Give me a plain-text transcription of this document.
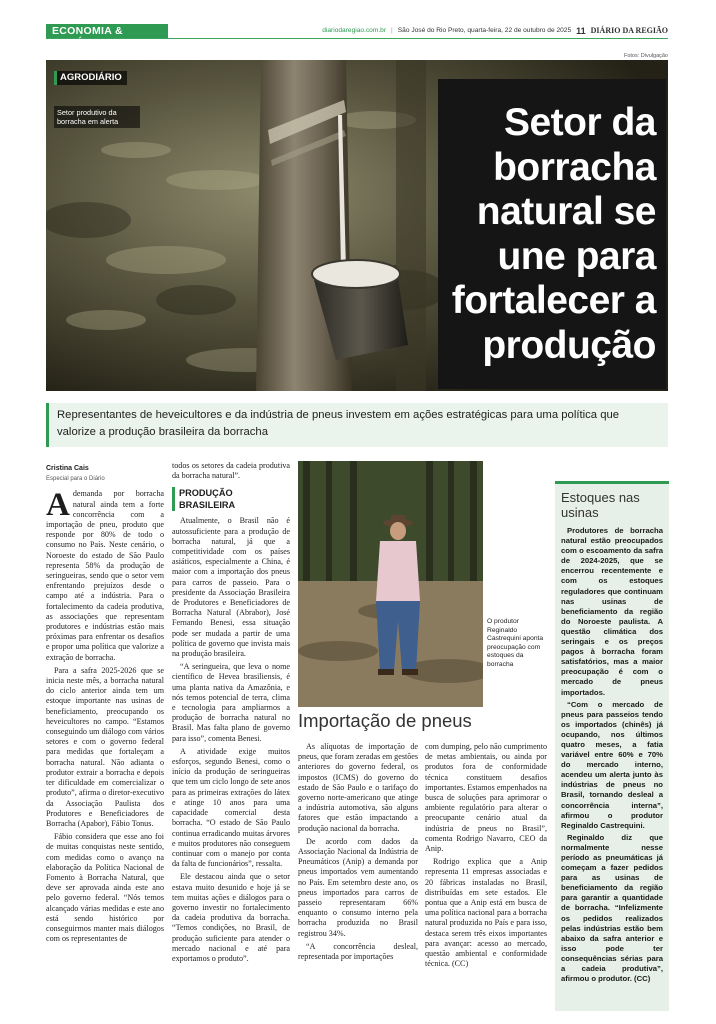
ECONOMIA & NEGÓCIOS
diariodaregiao.com.br | São José do Rio Preto, quarta-feira, 22 de outubro de 2025 11 DIÁRIO DA REGIÃO
Fotos: Divulgação
AGRODIÁRIO
Setor produtivo da borracha em alerta	Setor da borracha natural se une para fortalecer a produção
Representantes de heveicultores e da indústria de pneus investem em ações estratégicas para uma política que valorize a produção brasileira da borracha
Cristina Cais
Especial para o Diário

Ademanda por borracha natural ainda tem a forte concorrência com a importação de pneu, produto que responde por 80% de todo o consumo no País. Neste cenário, o Noroeste do estado de São Paulo representa 58% da produção de seringueiras, sendo que o setor vem enfrentando prejuízos desde o campo até a indústria. Para o fortalecimento da cadeia produtiva, as associações que representam produtores e indústrias estão mais próximas para enfrentar os desafios e propor uma política que valorize a extração de borracha.

Para a safra 2025-2026 que se inicia neste mês, a borracha natural do ciclo anterior ainda tem um estoque importante nas usinas de beneficiamento, preocupando os heveicultores no campo. “Estamos conseguindo um diálogo com vários setores e com o governo federal para medidas que fortaleçam a borracha natural. Não adianta o produtor extrair a borracha e depois ter dificuldade em comercializar o produto”, afirma o diretor-executivo da Associação Paulista dos Produtores e Beneficiadores de Borracha (Apabor), Fábio Tonus.

Fábio considera que esse ano foi de muitas conquistas neste sentido, com medidas como o avanço na elaboração da Política Nacional de Fomento à Borracha Natural, que deve ser aprovada ainda este ano pelo governo federal. “Nós temos alcançado várias medidas e este ano está sendo histórico por conseguirmos manter mais diálogos com os representantes de

todos os setores da cadeia produtiva da borracha natural”.

PRODUÇÃO BRASILEIRA

Atualmente, o Brasil não é autossuficiente para a produção de borracha natural, já que a competitividade com os países asiáticos, especialmente a China, é maior com a importação dos pneus para carros de passeio. Para o presidente da Associação Brasileira de Produtores e Beneficiadores de Borracha Natural (Abrabor), José Fernando Benesi, essa situação pode ser mudada a partir de uma política de governo que invista mais na produção brasileira.

“A seringueira, que leva o nome científico de Hevea brasiliensis, é uma planta nativa da Amazônia, e nós temos potencial de terra, clima e tecnologia para ampliarmos a produção de borracha natural no Brasil. Mas falta plano de governo para isso”, comenta Benesi.

A atividade exige muitos esforços, segundo Benesi, como o início da produção de seringueiras que tem um ciclo longo de sete anos para as primeiras extrações do látex e atinge 10 anos para uma capacidade comercial desta borracha. “O estado de São Paulo continua erradicando muitas árvores e muitos produtores não conseguem continuar com o manejo por conta da falta de funcionários”, ressalta.

Ele destacou ainda que o setor estava muito desunido e hoje já se tem muitas ações e diálogos para o governo investir no fortalecimento da cadeia produtiva da borracha. “Temos condições, no Brasil, de produção suficiente para atender o mercado nacional e até para exportamos o produto”.

O produtor Reginaldo Castrequini aponta preocupação com estoques da borracha
Importação de pneus

As alíquotas de importação de pneus, que foram zeradas em gestões anteriores do governo federal, os impostos (ICMS) do governo do estado de São Paulo e o tarifaço do governo norte-americano que atinge a indústria automotiva, são alguns fatores que estão impactando a produção nacional da borracha.

De acordo com dados da Associação Nacional da Indústria de Pneumáticos (Anip) a demanda por pneus importados vem aumentando no País. Em setembro deste ano, os pneus importados para carros de passeio representaram 66% enquanto o consumo interno pela borracha produzida no Brasil registrou 34%.

“A concorrência desleal, representada por importações

com dumping, pelo não cumprimento de metas ambientais, ou ainda por produtos fora de conformidade técnica constituem desafios importantes. Estamos empenhados na busca de soluções para aprimorar o ambiente regulatório para alterar o preocupante cenário atual da indústria de pneus no Brasil”, comenta Rodrigo Navarro, CEO da Anip.

Rodrigo explica que a Anip representa 11 empresas associadas e 20 fábricas instaladas no Brasil, distribuídas em sete estados. Ele pontua que a Anip está em busca de uma política nacional para a borracha natural produzida no País e para isso, destaca serem três eixos importantes para avançar: acesso ao mercado, questão ambiental e conformidade técnica. (CC)

Estoques nas usinas

Produtores de borracha natural estão preocupados com o escoamento da safra de 2024-2025, que se encerrou recentemente e com os estoques reguladores que continuam nas usinas de beneficiamento da região do Noroeste paulista. A questão climática dos seringais e os preços pagos à borracha foram satisfatórios, mas a maior preocupação é com o mercado de pneus importados.

“Com o mercado de pneus para passeios tendo os importados (chinês) já ocupando, nos últimos quatro meses, a fatia variável entre 60% e 70% do mercado interno, acendeu um alerta junto às indústrias de pneus no Brasil, tornando desleal a concorrência interna”, afirmou o produtor Reginaldo Castrequini.

Reginaldo diz que normalmente nesse período as pneumáticas já começam a fazer pedidos para as usinas de beneficiamento da região para garantir a quantidade de borracha. “Infelizmente os pedidos realizados pelas indústrias estão bem abaixo da safra anterior e isso pode ter consequências sérias para a cadeia produtiva”, afirmou o produtor. (CC)
